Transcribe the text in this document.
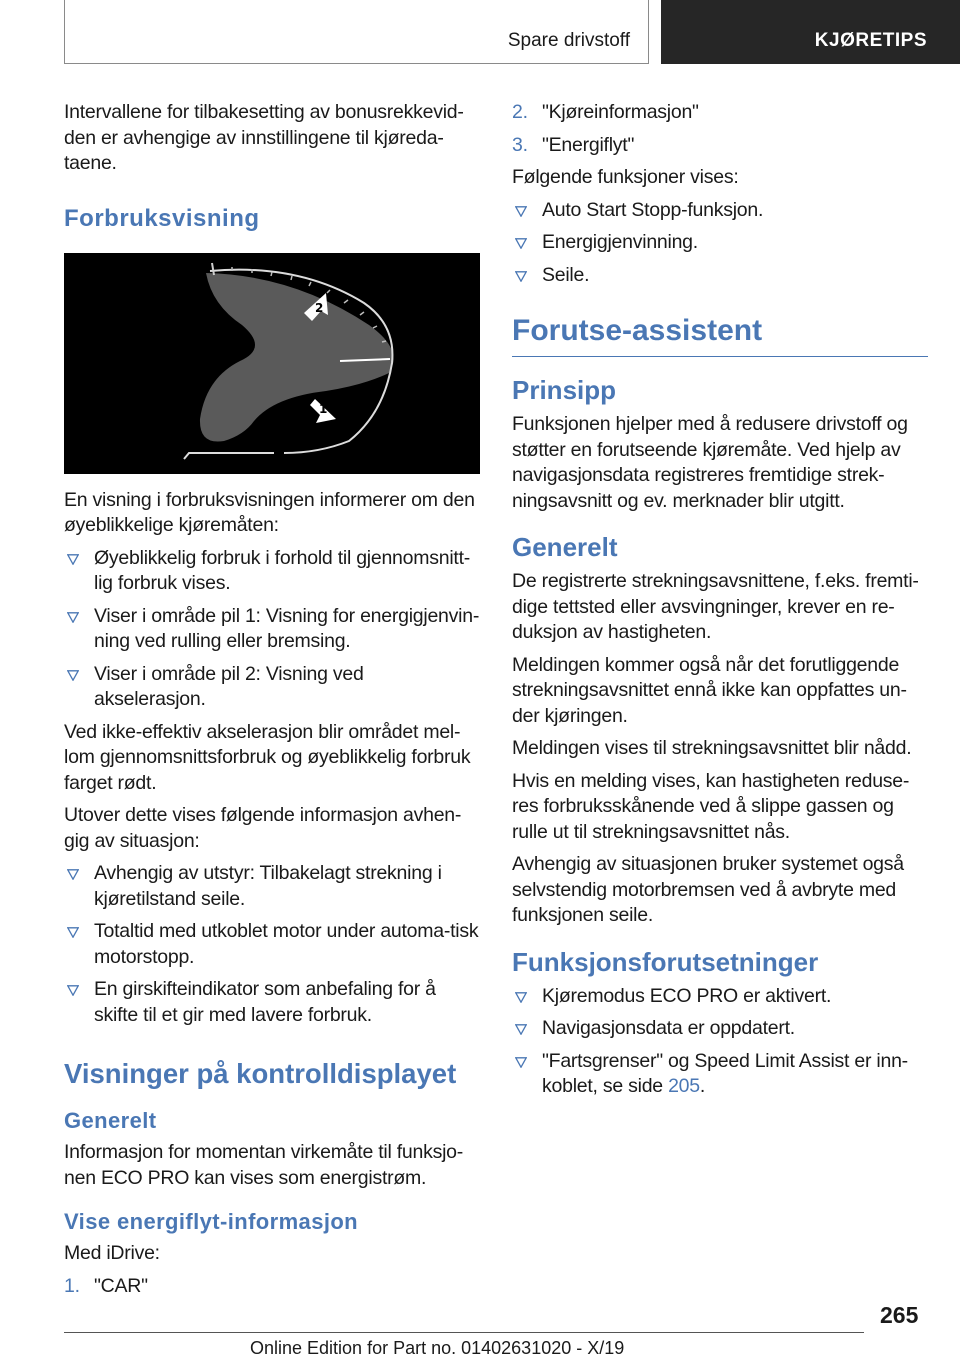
Spare drivstoff	KJØRETIPS

Intervallene for tilbakesetting av bonusrekkevid-den er avhengige av innstillingene til kjøreda-taene.

Forbruksvisning
2
1

En visning i forbruksvisningen informerer om den øyeblikkelige kjøremåten:

Øyeblikkelig forbruk i forhold til gjennomsnitt-lig forbruk vises.
Viser i område pil 1: Visning for energigjenvin-ning ved rulling eller bremsing.
Viser i område pil 2: Visning ved akselerasjon.

Ved ikke-effektiv akselerasjon blir området mel-lom gjennomsnittsforbruk og øyeblikkelig forbruk farget rødt.

Utover dette vises følgende informasjon avhen-gig av situasjon:

Avhengig av utstyr: Tilbakelagt strekning i kjøretilstand seile.
Totaltid med utkoblet motor under automa-tisk motorstopp.
En girskifteindikator som anbefaling for å skifte til et gir med lavere forbruk.
Visninger på kontrolldisplayet
Generelt

Informasjon for momentan virkemåte til funksjo-nen ECO PRO kan vises som energistrøm.

Vise energiflyt-informasjon

Med iDrive:

1. "CAR"
2. "Kjøreinformasjon"
3. "Energiflyt"

Følgende funksjoner vises:

Auto Start Stopp-funksjon.
Energigjenvinning.
Seile.
Forutse-assistent
Prinsipp

Funksjonen hjelper med å redusere drivstoff og støtter en forutseende kjøremåte. Ved hjelp av navigasjonsdata registreres fremtidige strek-ningsavsnitt og ev. merknader blir utgitt.

Generelt

De registrerte strekningsavsnittene, f.eks. fremti-dige tettsted eller avsvingninger, krever en re-duksjon av hastigheten.

Meldingen kommer også når det forutliggende strekningsavsnittet ennå ikke kan oppfattes un-der kjøringen.

Meldingen vises til strekningsavsnittet blir nådd.

Hvis en melding vises, kan hastigheten reduse-res forbruksskånende ved å slippe gassen og rulle ut til strekningsavsnittet nås.

Avhengig av situasjonen bruker systemet også selvstendig motorbremsen ved å avbryte med funksjonen seile.

Funksjonsforutsetninger
Kjøremodus ECO PRO er aktivert.
Navigasjonsdata er oppdatert.
"Fartsgrenser" og Speed Limit Assist er inn-koblet, se side 205.
265
Online Edition for Part no. 01402631020 - X/19
